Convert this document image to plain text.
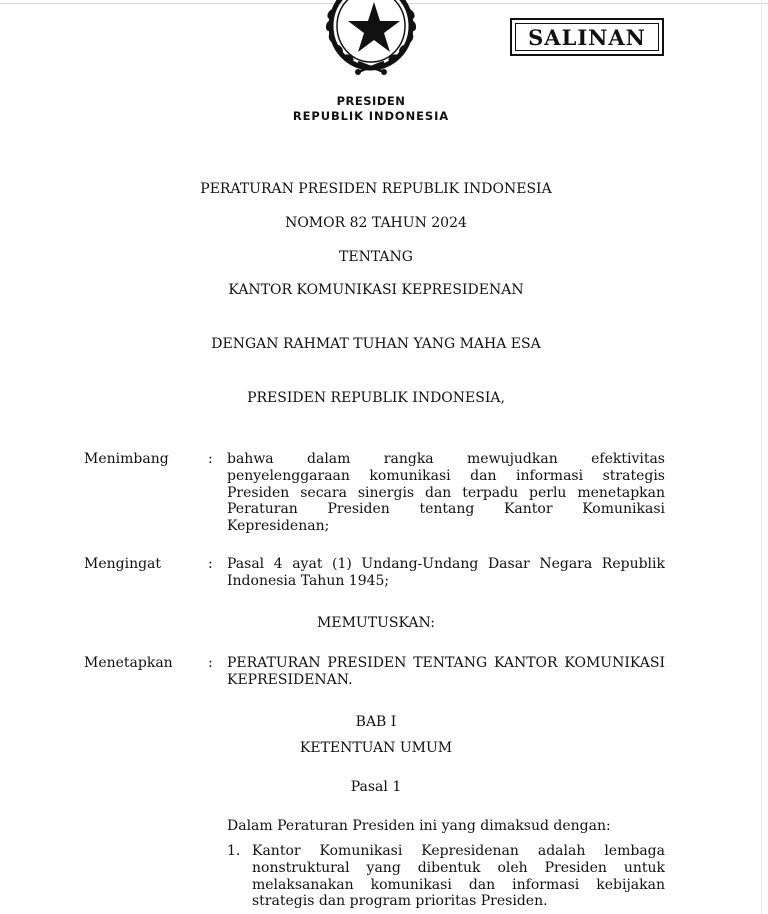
SALINAN
PRESIDEN
REPUBLIK INDONESIA
PERATURAN PRESIDEN REPUBLIK INDONESIA
NOMOR 82 TAHUN 2024
TENTANG
KANTOR KOMUNIKASI KEPRESIDENAN
DENGAN RAHMAT TUHAN YANG MAHA ESA
PRESIDEN REPUBLIK INDONESIA,
Menimbang	: bahwa dalam rangka mewujudkan efektivitas
penyelenggaraan komunikasi dan informasi strategis
Presiden secara sinergis dan terpadu perlu menetapkan
Peraturan Presiden tentang Kantor Komunikasi
Kepresidenan;
Mengingat	: Pasal 4 ayat (1) Undang-Undang Dasar Negara Republik
Indonesia Tahun 1945;
MEMUTUSKAN:
Menetapkan	: PERATURAN PRESIDEN TENTANG KANTOR KOMUNIKASI
KEPRESIDENAN.
BAB I
KETENTUAN UMUM
Pasal 1
Dalam Peraturan Presiden ini yang dimaksud dengan:
1. Kantor Komunikasi Kepresidenan adalah lembaga
nonstruktural yang dibentuk oleh Presiden untuk
melaksanakan komunikasi dan informasi kebijakan
strategis dan program prioritas Presiden.
